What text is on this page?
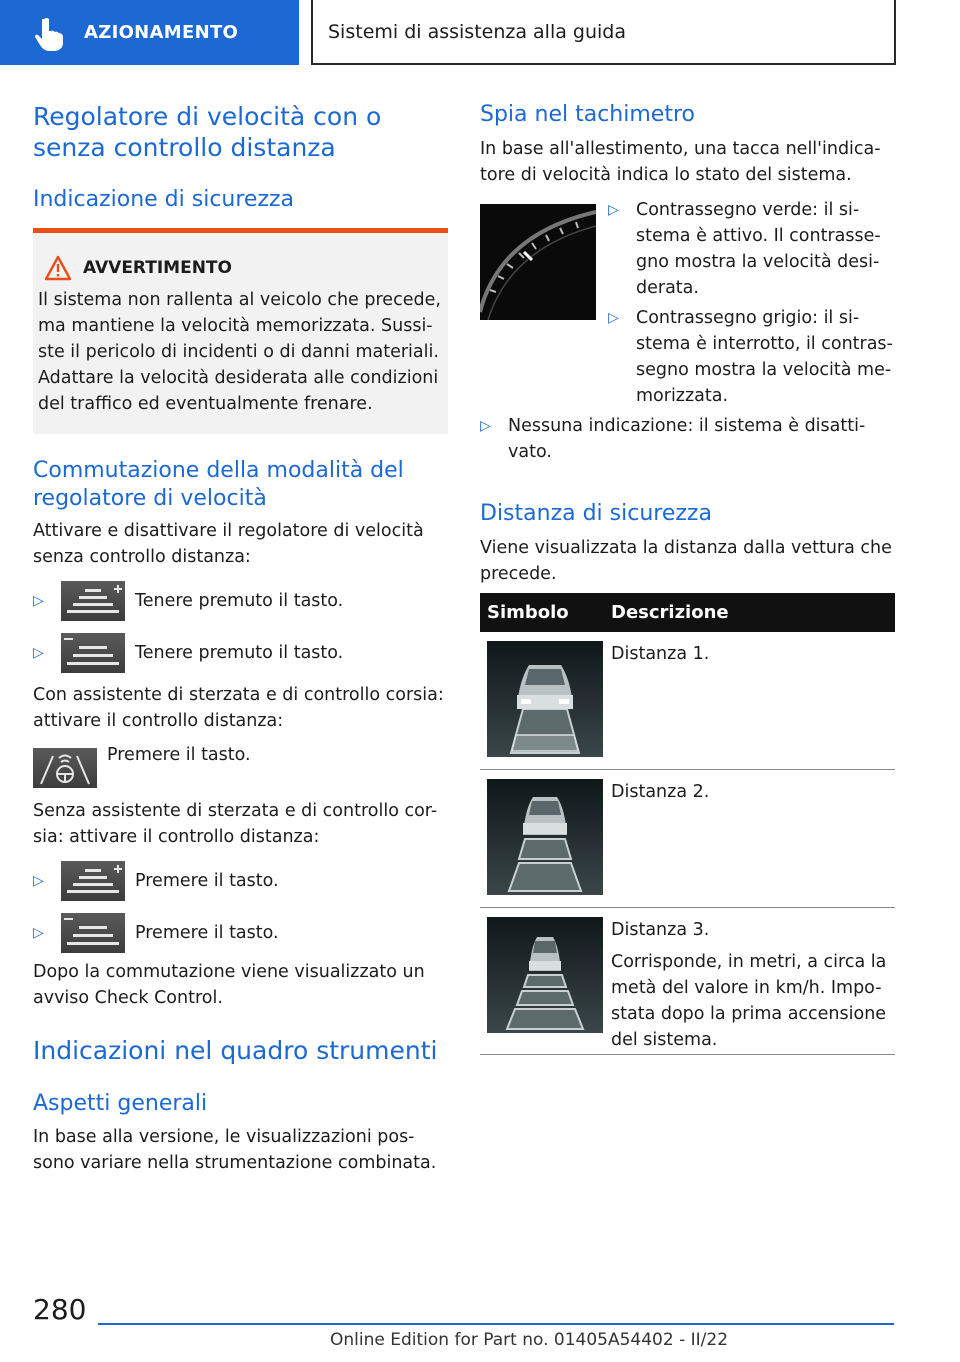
AZIONAMENTO	Sistemi di assistenza alla guida
Regolatore di velocità con o senza controllo distanza
Indicazione di sicurezza
AVVERTIMENTO
Il sistema non rallenta al veicolo che precede, ma mantiene la velocità memorizzata. Sussi-ste il pericolo di incidenti o di danni materiali. Adattare la velocità desiderata alle condizioni del traffico ed eventualmente frenare.
Commutazione della modalità del regolatore di velocità
Attivare e disattivare il regolatore di velocità senza controllo distanza:
▷	Tenere premuto il tasto.
▷	Tenere premuto il tasto.
Con assistente di sterzata e di controllo corsia: attivare il controllo distanza:
Premere il tasto.
Senza assistente di sterzata e di controllo cor-sia: attivare il controllo distanza:
▷	Premere il tasto.
▷	Premere il tasto.
Dopo la commutazione viene visualizzato un avviso Check Control.
Indicazioni nel quadro strumenti
Aspetti generali
In base alla versione, le visualizzazioni pos-sono variare nella strumentazione combinata.
Spia nel tachimetro
In base all'allestimento, una tacca nell'indica-tore di velocità indica lo stato del sistema.
▷ Contrassegno verde: il si-stema è attivo. Il contrasse-gno mostra la velocità desi-derata.
▷ Contrassegno grigio: il si-stema è interrotto, il contras-segno mostra la velocità me-morizzata.
▷ Nessuna indicazione: il sistema è disatti-vato.
Distanza di sicurezza
Viene visualizzata la distanza dalla vettura che precede.
Simbolo	Descrizione
Distanza 1.
Distanza 2.
Distanza 3.
Corrisponde, in metri, a circa la metà del valore in km/h. Impo-stata dopo la prima accensione del sistema.
280
Online Edition for Part no. 01405A54402 - II/22
